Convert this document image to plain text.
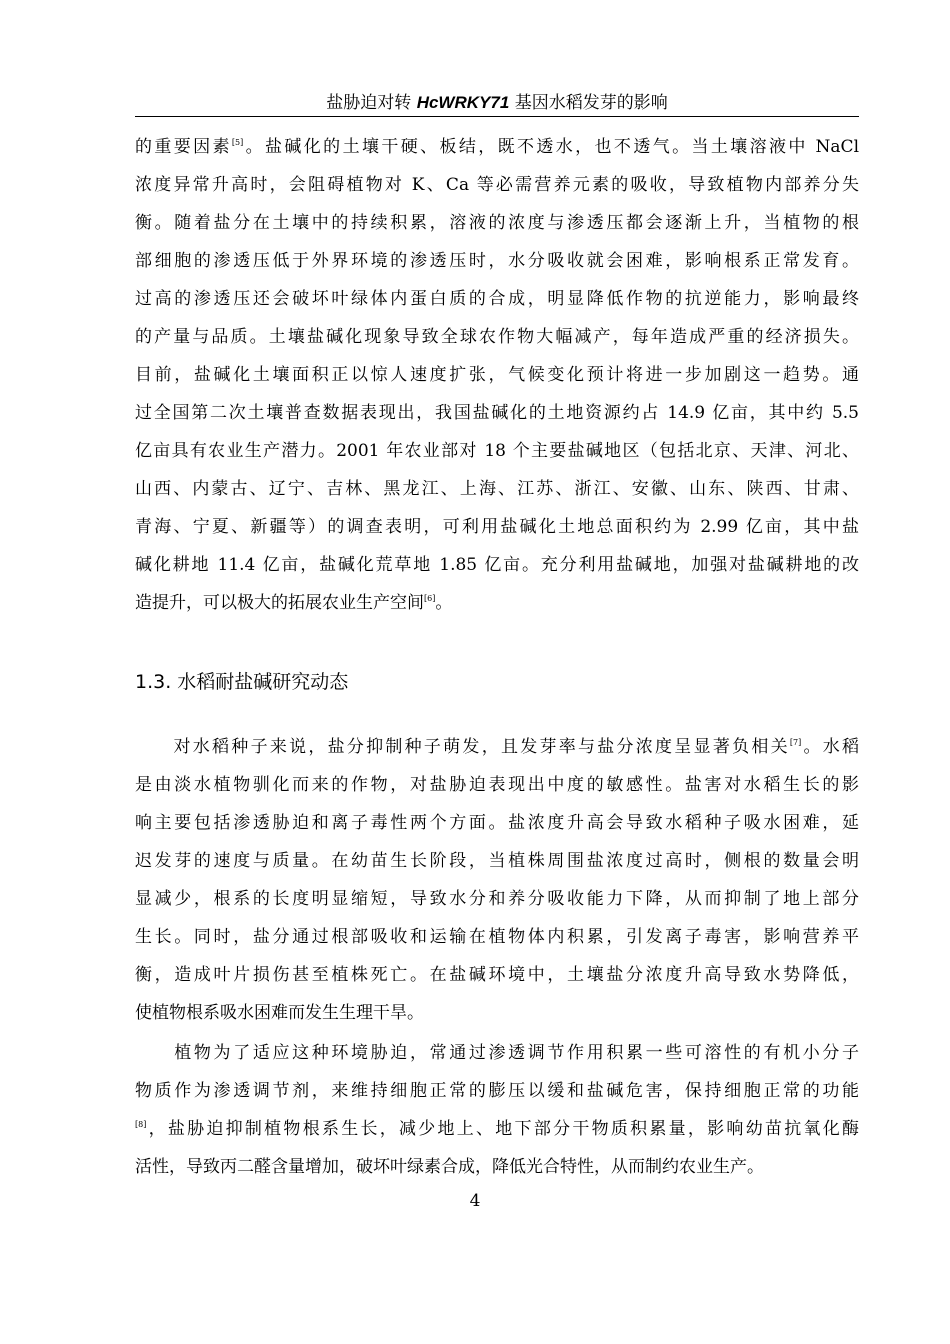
盐胁迫对转 HcWRKY71 基因水稻发芽的影响
的重要因素[5]。盐碱化的土壤干硬、板结，既不透水，也不透气。当土壤溶液中 NaCl
浓度异常升高时，会阻碍植物对 K、Ca 等必需营养元素的吸收，导致植物内部养分失
衡。随着盐分在土壤中的持续积累，溶液的浓度与渗透压都会逐渐上升，当植物的根
部细胞的渗透压低于外界环境的渗透压时，水分吸收就会困难，影响根系正常发育。
过高的渗透压还会破坏叶绿体内蛋白质的合成，明显降低作物的抗逆能力，影响最终
的产量与品质。土壤盐碱化现象导致全球农作物大幅减产，每年造成严重的经济损失。
目前，盐碱化土壤面积正以惊人速度扩张，气候变化预计将进一步加剧这一趋势。通
过全国第二次土壤普查数据表现出，我国盐碱化的土地资源约占 14.9 亿亩，其中约 5.5
亿亩具有农业生产潜力。2001 年农业部对 18 个主要盐碱地区（包括北京、天津、河北、
山西、内蒙古、辽宁、吉林、黑龙江、上海、江苏、浙江、安徽、山东、陕西、甘肃、
青海、宁夏、新疆等）的调查表明，可利用盐碱化土地总面积约为 2.99 亿亩，其中盐
碱化耕地 11.4 亿亩，盐碱化荒草地 1.85 亿亩。充分利用盐碱地，加强对盐碱耕地的改
造提升，可以极大的拓展农业生产空间[6]。
1.3. 水稻耐盐碱研究动态
　　对水稻种子来说，盐分抑制种子萌发，且发芽率与盐分浓度呈显著负相关[7]。水稻
是由淡水植物驯化而来的作物，对盐胁迫表现出中度的敏感性。盐害对水稻生长的影
响主要包括渗透胁迫和离子毒性两个方面。盐浓度升高会导致水稻种子吸水困难，延
迟发芽的速度与质量。在幼苗生长阶段，当植株周围盐浓度过高时，侧根的数量会明
显减少，根系的长度明显缩短，导致水分和养分吸收能力下降，从而抑制了地上部分
生长。同时，盐分通过根部吸收和运输在植物体内积累，引发离子毒害，影响营养平
衡，造成叶片损伤甚至植株死亡。在盐碱环境中，土壤盐分浓度升高导致水势降低，
使植物根系吸水困难而发生生理干旱。
　　植物为了适应这种环境胁迫，常通过渗透调节作用积累一些可溶性的有机小分子
物质作为渗透调节剂，来维持细胞正常的膨压以缓和盐碱危害，保持细胞正常的功能
[8]，盐胁迫抑制植物根系生长，减少地上、地下部分干物质积累量，影响幼苗抗氧化酶
活性，导致丙二醛含量增加，破坏叶绿素合成，降低光合特性，从而制约农业生产。
4
